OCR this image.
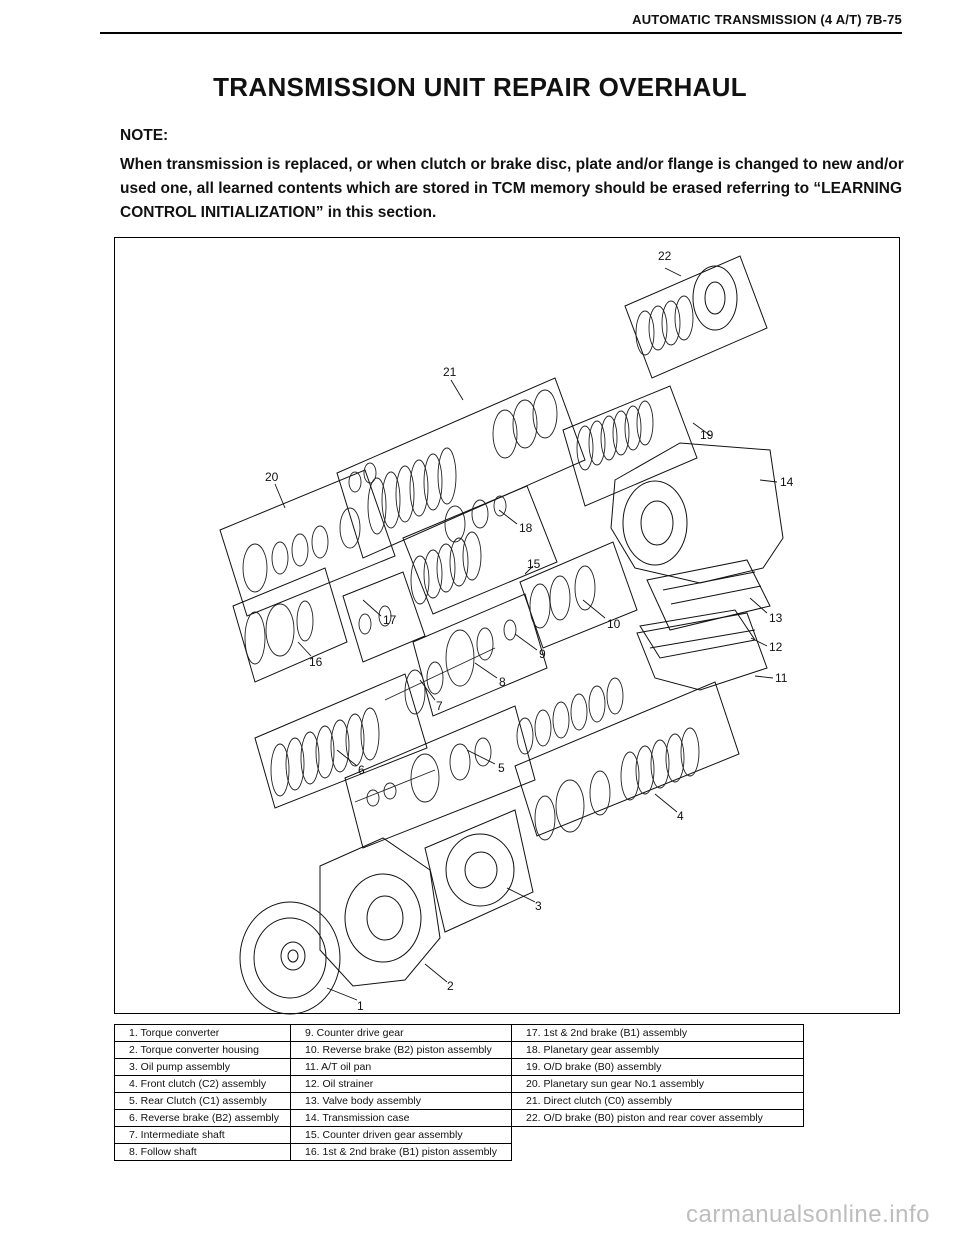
AUTOMATIC TRANSMISSION (4 A/T) 7B-75
TRANSMISSION UNIT REPAIR OVERHAUL
NOTE:
When transmission is replaced, or when clutch or brake disc, plate and/or flange is changed to new and/or used one, all learned contents which are stored in TCM memory should be erased referring to “LEARNING CONTROL INITIALIZATION” in this section.
1
2
3
4
5
6
7
8
9
10
11
12
13
14
15
16
17
18
19
20
21
22
1. Torque converter	9. Counter drive gear	17. 1st & 2nd brake (B1) assembly
2. Torque converter housing	10. Reverse brake (B2) piston assembly	18. Planetary gear assembly
3. Oil pump assembly	11. A/T oil pan	19. O/D brake (B0) assembly
4. Front clutch (C2) assembly	12. Oil strainer	20. Planetary sun gear No.1 assembly
5. Rear Clutch (C1) assembly	13. Valve body assembly	21. Direct clutch (C0) assembly
6. Reverse brake (B2) assembly	14. Transmission case	22. O/D brake (B0) piston and rear cover assembly
7. Intermediate shaft	15. Counter driven gear assembly	
8. Follow shaft	16. 1st & 2nd brake (B1) piston assembly	
carmanualsonline.info
